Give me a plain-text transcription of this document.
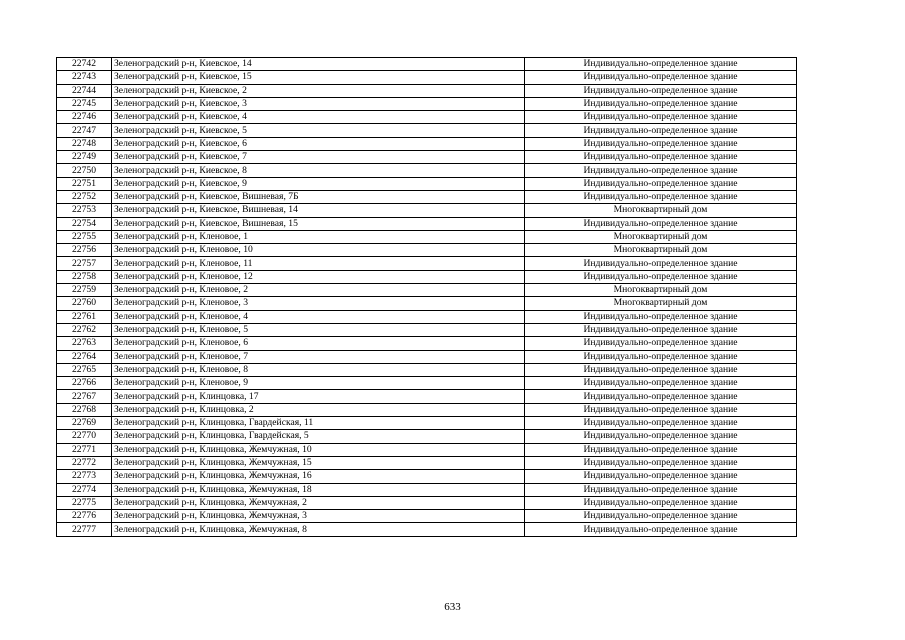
22742	Зеленоградский р-н, Киевское, 14	Индивидуально-определенное здание
22743	Зеленоградский р-н, Киевское, 15	Индивидуально-определенное здание
22744	Зеленоградский р-н, Киевское, 2	Индивидуально-определенное здание
22745	Зеленоградский р-н, Киевское, 3	Индивидуально-определенное здание
22746	Зеленоградский р-н, Киевское, 4	Индивидуально-определенное здание
22747	Зеленоградский р-н, Киевское, 5	Индивидуально-определенное здание
22748	Зеленоградский р-н, Киевское, 6	Индивидуально-определенное здание
22749	Зеленоградский р-н, Киевское, 7	Индивидуально-определенное здание
22750	Зеленоградский р-н, Киевское, 8	Индивидуально-определенное здание
22751	Зеленоградский р-н, Киевское, 9	Индивидуально-определенное здание
22752	Зеленоградский р-н, Киевское, Вишневая, 7Б	Индивидуально-определенное здание
22753	Зеленоградский р-н, Киевское, Вишневая, 14	Многоквартирный дом
22754	Зеленоградский р-н, Киевское, Вишневая, 15	Индивидуально-определенное здание
22755	Зеленоградский р-н, Кленовое, 1	Многоквартирный дом
22756	Зеленоградский р-н, Кленовое, 10	Многоквартирный дом
22757	Зеленоградский р-н, Кленовое, 11	Индивидуально-определенное здание
22758	Зеленоградский р-н, Кленовое, 12	Индивидуально-определенное здание
22759	Зеленоградский р-н, Кленовое, 2	Многоквартирный дом
22760	Зеленоградский р-н, Кленовое, 3	Многоквартирный дом
22761	Зеленоградский р-н, Кленовое, 4	Индивидуально-определенное здание
22762	Зеленоградский р-н, Кленовое, 5	Индивидуально-определенное здание
22763	Зеленоградский р-н, Кленовое, 6	Индивидуально-определенное здание
22764	Зеленоградский р-н, Кленовое, 7	Индивидуально-определенное здание
22765	Зеленоградский р-н, Кленовое, 8	Индивидуально-определенное здание
22766	Зеленоградский р-н, Кленовое, 9	Индивидуально-определенное здание
22767	Зеленоградский р-н, Клинцовка, 17	Индивидуально-определенное здание
22768	Зеленоградский р-н, Клинцовка, 2	Индивидуально-определенное здание
22769	Зеленоградский р-н, Клинцовка, Гвардейская, 11	Индивидуально-определенное здание
22770	Зеленоградский р-н, Клинцовка, Гвардейская, 5	Индивидуально-определенное здание
22771	Зеленоградский р-н, Клинцовка, Жемчужная, 10	Индивидуально-определенное здание
22772	Зеленоградский р-н, Клинцовка, Жемчужная, 15	Индивидуально-определенное здание
22773	Зеленоградский р-н, Клинцовка, Жемчужная, 16	Индивидуально-определенное здание
22774	Зеленоградский р-н, Клинцовка, Жемчужная, 18	Индивидуально-определенное здание
22775	Зеленоградский р-н, Клинцовка, Жемчужная, 2	Индивидуально-определенное здание
22776	Зеленоградский р-н, Клинцовка, Жемчужная, 3	Индивидуально-определенное здание
22777	Зеленоградский р-н, Клинцовка, Жемчужная, 8	Индивидуально-определенное здание
633
